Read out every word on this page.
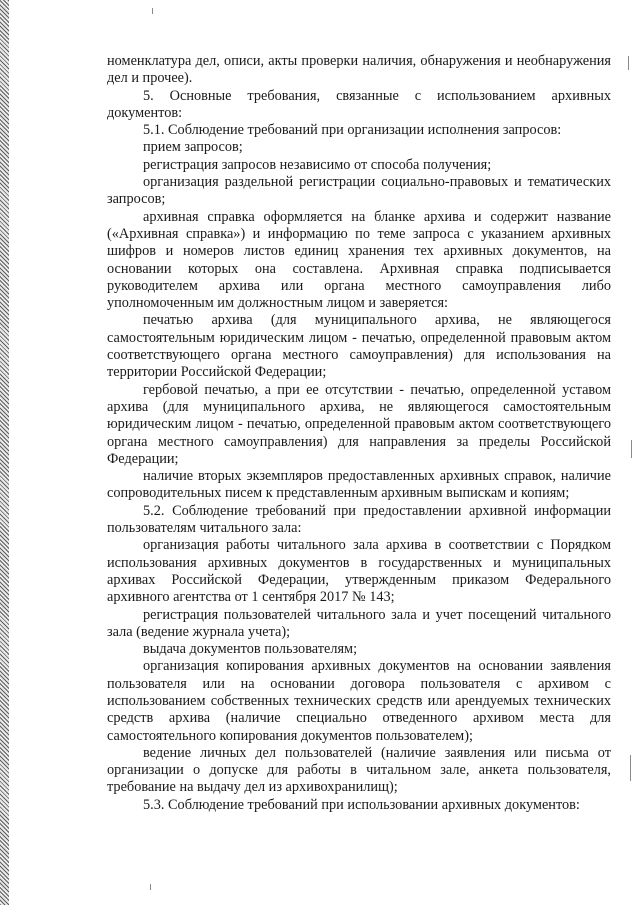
номенклатура дел, описи, акты проверки наличия, обнаружения и необнаружения дел и прочее).

5. Основные требования, связанные с использованием архивных документов:

5.1. Соблюдение требований при организации исполнения запросов:

прием запросов;

регистрация запросов независимо от способа получения;

организация раздельной регистрации социально-правовых и тематических запросов;

архивная справка оформляется на бланке архива и содержит название («Архивная справка») и информацию по теме запроса с указанием архивных шифров и номеров листов единиц хранения тех архивных документов, на основании которых она составлена. Архивная справка подписывается руководителем архива или органа местного самоуправления либо уполномоченным им должностным лицом и заверяется:

печатью архива (для муниципального архива, не являющегося самостоятельным юридическим лицом - печатью, определенной правовым актом соответствующего органа местного самоуправления) для использования на территории Российской Федерации;

гербовой печатью, а при ее отсутствии - печатью, определенной уставом архива (для муниципального архива, не являющегося самостоятельным юридическим лицом - печатью, определенной правовым актом соответствующего органа местного самоуправления) для направления за пределы Российской Федерации;

наличие вторых экземпляров предоставленных архивных справок, наличие сопроводительных писем к представленным архивным выпискам и копиям;

5.2. Соблюдение требований при предоставлении архивной информации пользователям читального зала:

организация работы читального зала архива в соответствии с Порядком использования архивных документов в государственных и муниципальных архивах Российской Федерации, утвержденным приказом Федерального архивного агентства от 1 сентября 2017 № 143;

регистрация пользователей читального зала и учет посещений читального зала (ведение журнала учета);

выдача документов пользователям;

организация копирования архивных документов на основании заявления пользователя или на основании договора пользователя с архивом с использованием собственных технических средств или арендуемых технических средств архива (наличие специально отведенного архивом места для самостоятельного копирования документов пользователем);

ведение личных дел пользователей (наличие заявления или письма от организации о допуске для работы в читальном зале, анкета пользователя, требование на выдачу дел из архивохранилищ);

5.3. Соблюдение требований при использовании архивных документов:
